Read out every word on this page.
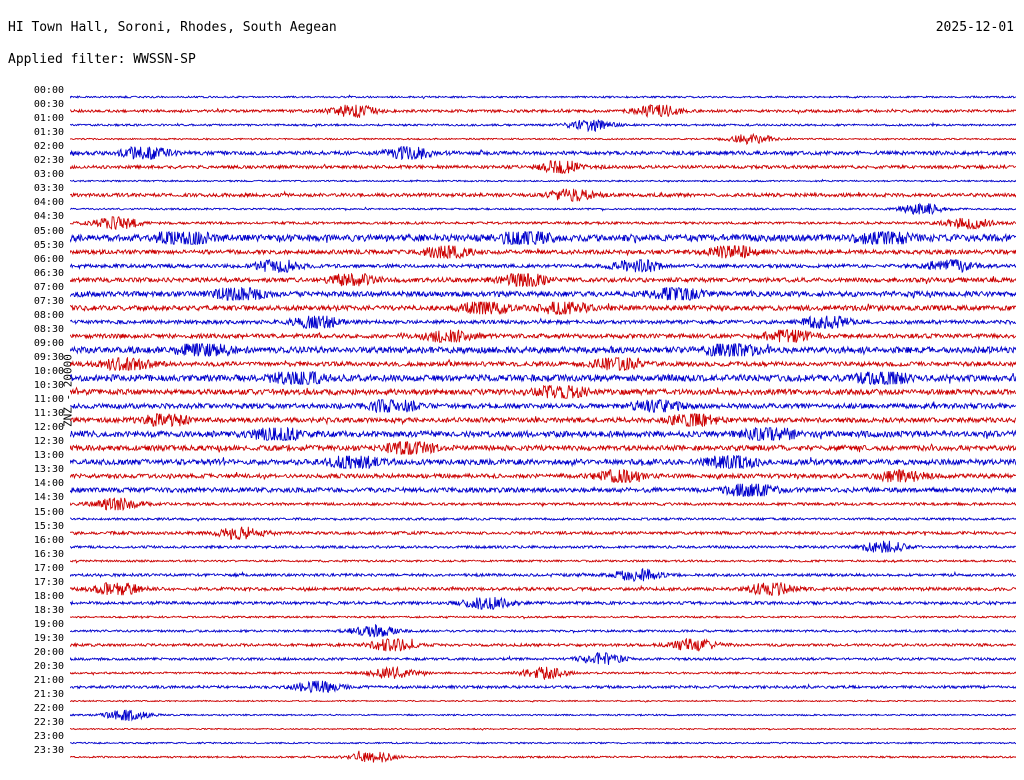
HI Town Hall, Soroni, Rhodes, South Aegean	2025-12-01
Applied filter: WWSSN-SP
ZNZ - 20000
00:00
00:30
01:00
01:30
02:00
02:30
03:00
03:30
04:00
04:30
05:00
05:30
06:00
06:30
07:00
07:30
08:00
08:30
09:00
09:30
10:00
10:30
11:00
11:30
12:00
12:30
13:00
13:30
14:00
14:30
15:00
15:30
16:00
16:30
17:00
17:30
18:00
18:30
19:00
19:30
20:00
20:30
21:00
21:30
22:00
22:30
23:00
23:30
